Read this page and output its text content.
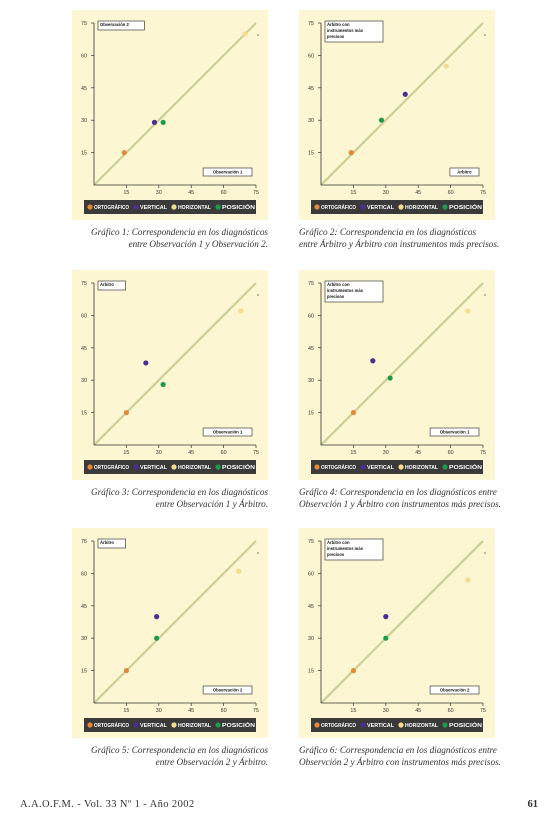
15
30
45
60
75
15	30	45	60	75
Observación 2
Observación 1
ORTOGRÁFICO VERTICAL HORIZONTAL POSICIÓN
Gráfico 1: Correspondencia en los diagnósticos
entre Observación 1 y Observación 2.
15
30
45
60
75
15	30	45	60	75
Árbitro con
instrumentos más
precisos
Árbitro
ORTOGRÁFICO VERTICAL HORIZONTAL POSICIÓN
Gráfico 2: Correspondencia en los diagnósticos
entre Árbitro y Árbitro con instrumentos más precisos.
15
30
45
60
75
15	30	45	60	75
Árbitro
Observación 1
ORTOGRÁFICO VERTICAL HORIZONTAL POSICIÓN
Gráfico 3: Correspondencia en los diagnósticos
entre Observación 1 y Árbitro.
15
30
45
60
75
15	30	45	60	75
Árbitro con
instrumentos más
precisos
Observación 1
ORTOGRÁFICO VERTICAL HORIZONTAL POSICIÓN
Gráfico 4: Correspondencia en los diagnósticos entre
Observción 1 y Árbitro con instrumentos más precisos.
15
30
45
60
75
15	30	45	60	75
Árbitro
Observación 2
ORTOGRÁFICO VERTICAL HORIZONTAL POSICIÓN
Gráfico 5: Correspondencia en los diagnósticos
entre Observación 2 y Árbitro.
15
30
45
60
75
15	30	45	60	75
Árbitro con
instrumentos más
precisos
Observación 2
ORTOGRÁFICO VERTICAL HORIZONTAL POSICIÓN
Gráfico 6: Correspondencia en los diagnósticos entre
Observción 2 y Árbitro con instrumentos más precisos.
A.A.O.F.M. - Vol. 33 Nº 1 - Año 2002	61
